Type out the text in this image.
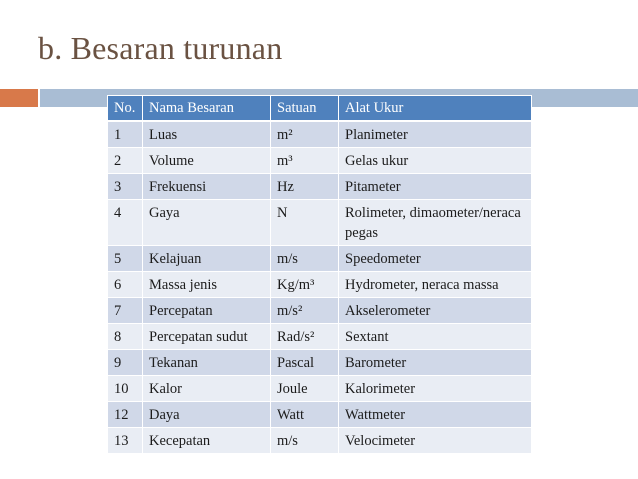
b. Besaran turunan
No.	Nama Besaran	Satuan	Alat Ukur
1	Luas	m²	Planimeter
2	Volume	m³	Gelas ukur
3	Frekuensi	Hz	Pitameter
4	Gaya	N	Rolimeter, dimaometer/neraca pegas
5	Kelajuan	m/s	Speedometer
6	Massa jenis	Kg/m³	Hydrometer, neraca massa
7	Percepatan	m/s²	Akselerometer
8	Percepatan sudut	Rad/s²	Sextant
9	Tekanan	Pascal	Barometer
10	Kalor	Joule	Kalorimeter
12	Daya	Watt	Wattmeter
13	Kecepatan	m/s	Velocimeter
